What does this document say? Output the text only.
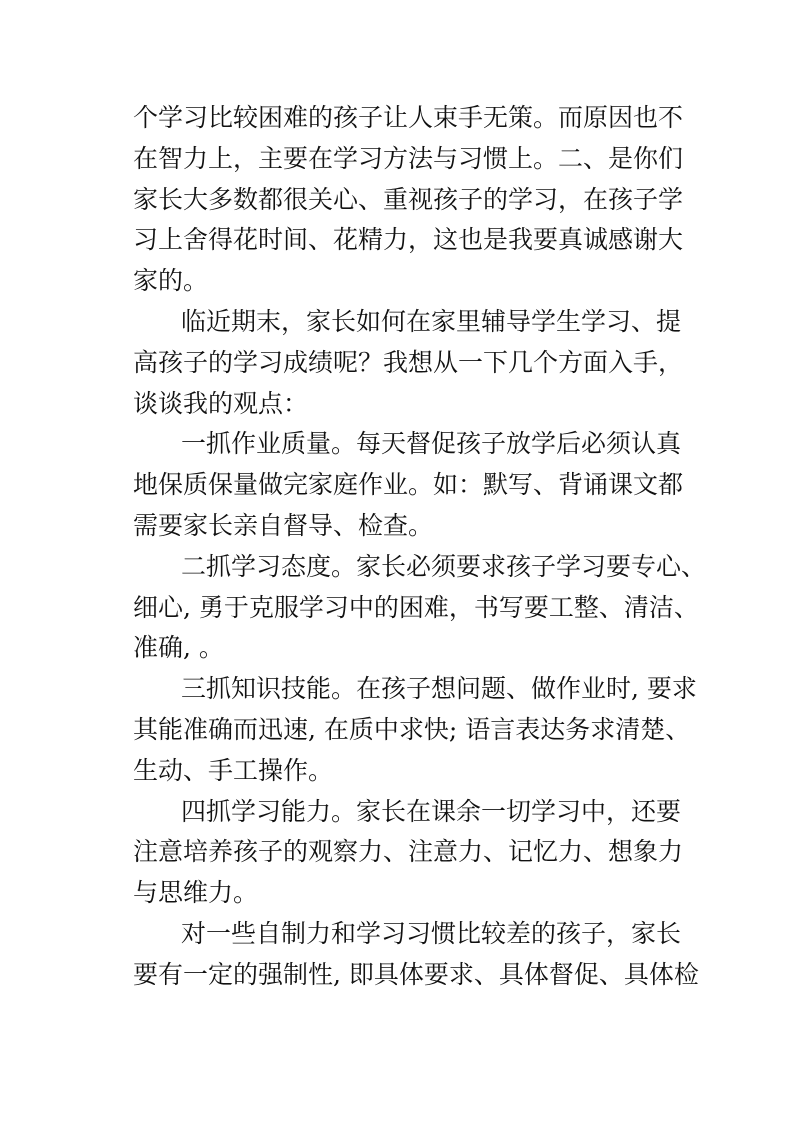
个学习比较困难的孩子让人束手无策。而原因也不
在智力上，主要在学习方法与习惯上。二、是你们
家长大多数都很关心、重视孩子的学习，在孩子学
习上舍得花时间、花精力，这也是我要真诚感谢大
家的。
临近期末，家长如何在家里辅导学生学习、提
高孩子的学习成绩呢？我想从一下几个方面入手，
谈谈我的观点：
一抓作业质量。每天督促孩子放学后必须认真
地保质保量做完家庭作业。如：默写、背诵课文都
需要家长亲自督导、检查。
二抓学习态度。家长必须要求孩子学习要专心、
细心, 勇于克服学习中的困难，书写要工整、清洁、
准确, 。
三抓知识技能。在孩子想问题、做作业时, 要求
其能准确而迅速, 在质中求快; 语言表达务求清楚、
生动、手工操作。
四抓学习能力。家长在课余一切学习中，还要
注意培养孩子的观察力、注意力、记忆力、想象力
与思维力。
对一些自制力和学习习惯比较差的孩子，家长
要有一定的强制性, 即具体要求、具体督促、具体检
